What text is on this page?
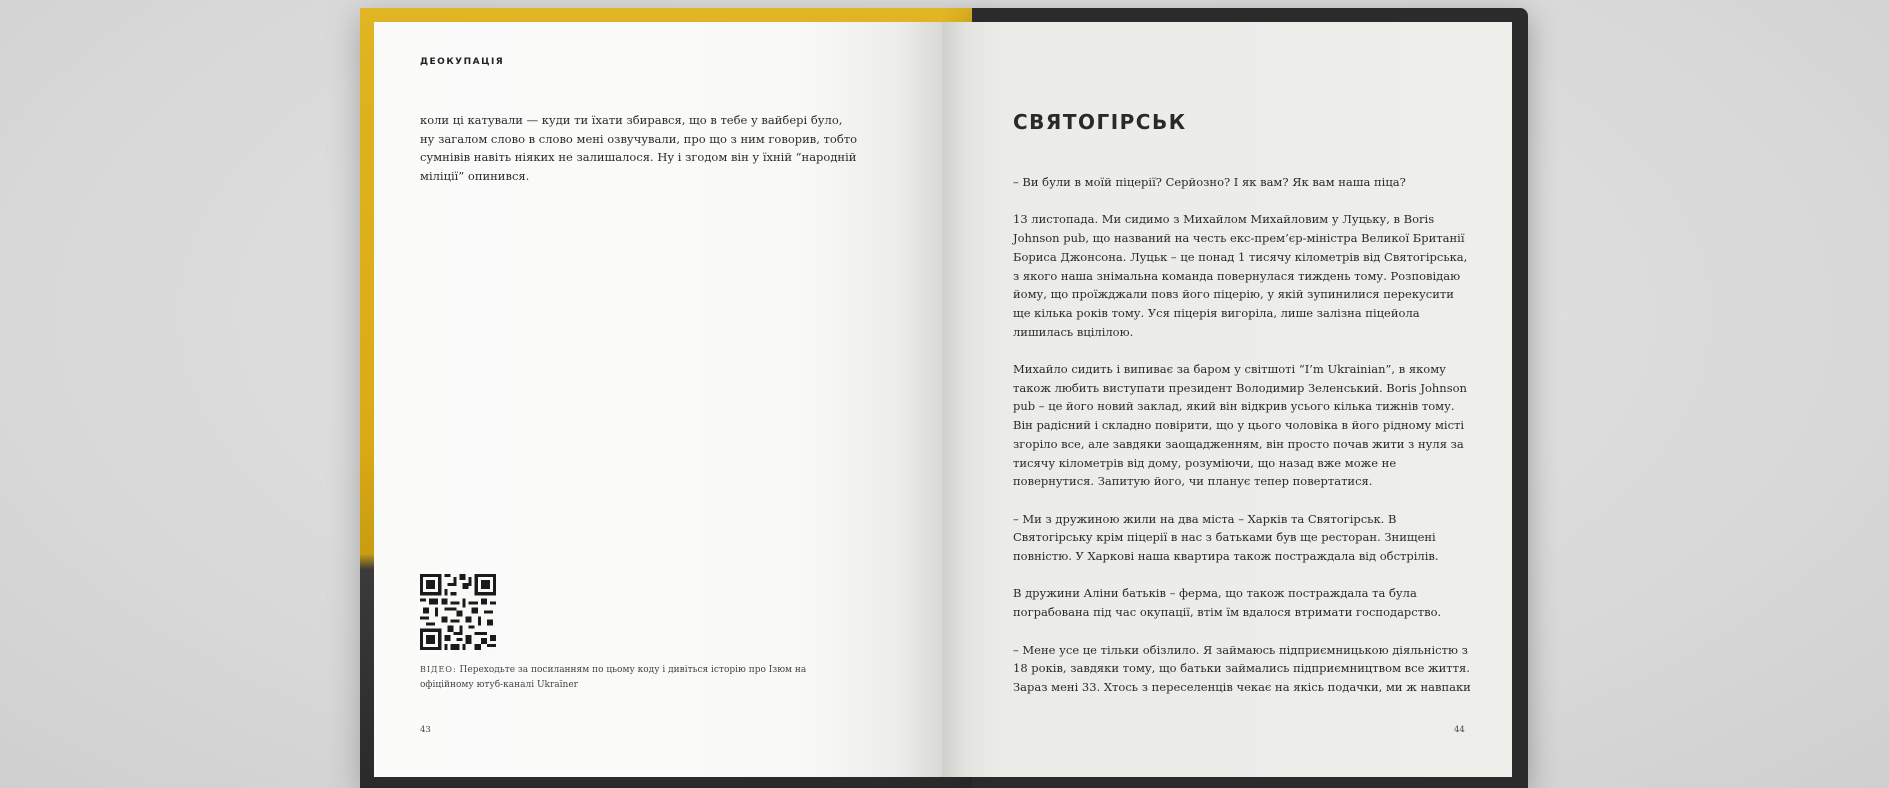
ДЕОКУПАЦІЯ
коли ці катували — куди ти їхати збирався, що в тебе у вайбері було, ну загалом слово в слово мені озвучували, про що з ним говорив, тобто сумнівів навіть ніяких не залишалося. Ну і згодом він у їхній “народній міліції” опинився.
ВІДЕО: Переходьте за посиланням по цьому коду і дивіться історію про Ізюм на офіційному ютуб-каналі Ukraїner
43
СВЯТОГІРСЬК

– Ви були в моїй піцерії? Серйозно? І як вам? Як вам наша піца?

13 листопада. Ми сидимо з Михайлом Михайловим у Луцьку, в Boris Johnson pub, що названий на честь екс-прем’єр-міністра Великої Британії Бориса Джонсона. Луцьк – це понад 1 тисячу кілометрів від Святогірська, з якого наша знімальна команда повернулася тиждень тому. Розповідаю йому, що проїжджали повз його піцерію, у якій зупинилися перекусити ще кілька років тому. Уся піцерія вигоріла, лише залізна піцейола лишилась вцілілою.

Михайло сидить і випиває за баром у світшоті “I’m Ukrainian”, в якому також любить виступати президент Володимир Зеленський. Boris Johnson pub – це його новий заклад, який він відкрив усього кілька тижнів тому. Він радісний і складно повірити, що у цього чоловіка в його рідному місті згоріло все, але завдяки заощадженням, він просто почав жити з нуля за тисячу кілометрів від дому, розуміючи, що назад вже може не повернутися. Запитую його, чи планує тепер повертатися.

– Ми з дружиною жили на два міста – Харків та Святогірськ. В Святогірську крім піцерії в нас з батьками був ще ресторан. Знищені повністю. У Харкові наша квартира також постраждала від обстрілів.

В дружини Аліни батьків – ферма, що також постраждала та була пограбована під час окупації, втім їм вдалося втримати господарство.

– Мене усе це тільки обізлило. Я займаюсь підприємницькою діяльністю з 18 років, завдяки тому, що батьки займались підприємництвом все життя. Зараз мені 33. Хтось з переселенців чекає на якісь подачки, ми ж навпаки

44
